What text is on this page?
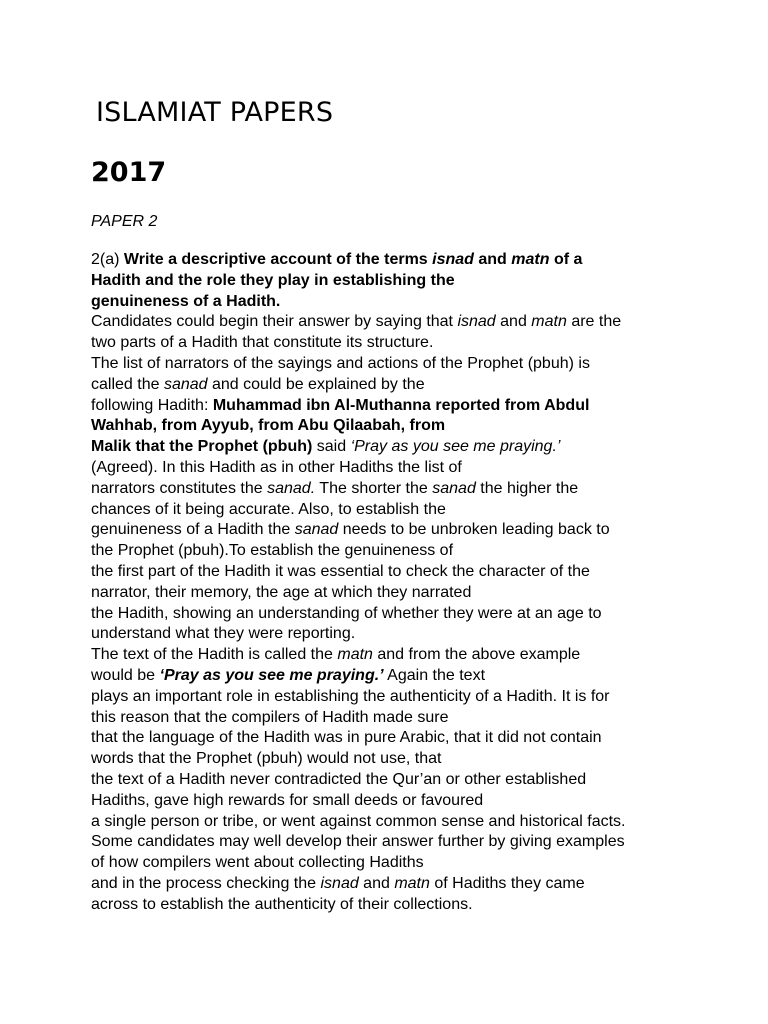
ISLAMIAT PAPERS
2017

PAPER 2

2(a) Write a descriptive account of the terms isnad and matn of a
Hadith and the role they play in establishing the
genuineness of a Hadith.
Candidates could begin their answer by saying that isnad and matn are the
two parts of a Hadith that constitute its structure.
The list of narrators of the sayings and actions of the Prophet (pbuh) is
called the sanad and could be explained by the
following Hadith: Muhammad ibn Al-Muthanna reported from Abdul
Wahhab, from Ayyub, from Abu Qilaabah, from
Malik that the Prophet (pbuh) said ‘Pray as you see me praying.’
(Agreed). In this Hadith as in other Hadiths the list of
narrators constitutes the sanad. The shorter the sanad the higher the
chances of it being accurate. Also, to establish the
genuineness of a Hadith the sanad needs to be unbroken leading back to
the Prophet (pbuh).To establish the genuineness of
the first part of the Hadith it was essential to check the character of the
narrator, their memory, the age at which they narrated
the Hadith, showing an understanding of whether they were at an age to
understand what they were reporting.
The text of the Hadith is called the matn and from the above example
would be ‘Pray as you see me praying.’ Again the text
plays an important role in establishing the authenticity of a Hadith. It is for
this reason that the compilers of Hadith made sure
that the language of the Hadith was in pure Arabic, that it did not contain
words that the Prophet (pbuh) would not use, that
the text of a Hadith never contradicted the Qur’an or other established
Hadiths, gave high rewards for small deeds or favoured
a single person or tribe, or went against common sense and historical facts.
Some candidates may well develop their answer further by giving examples
of how compilers went about collecting Hadiths
and in the process checking the isnad and matn of Hadiths they came
across to establish the authenticity of their collections.
